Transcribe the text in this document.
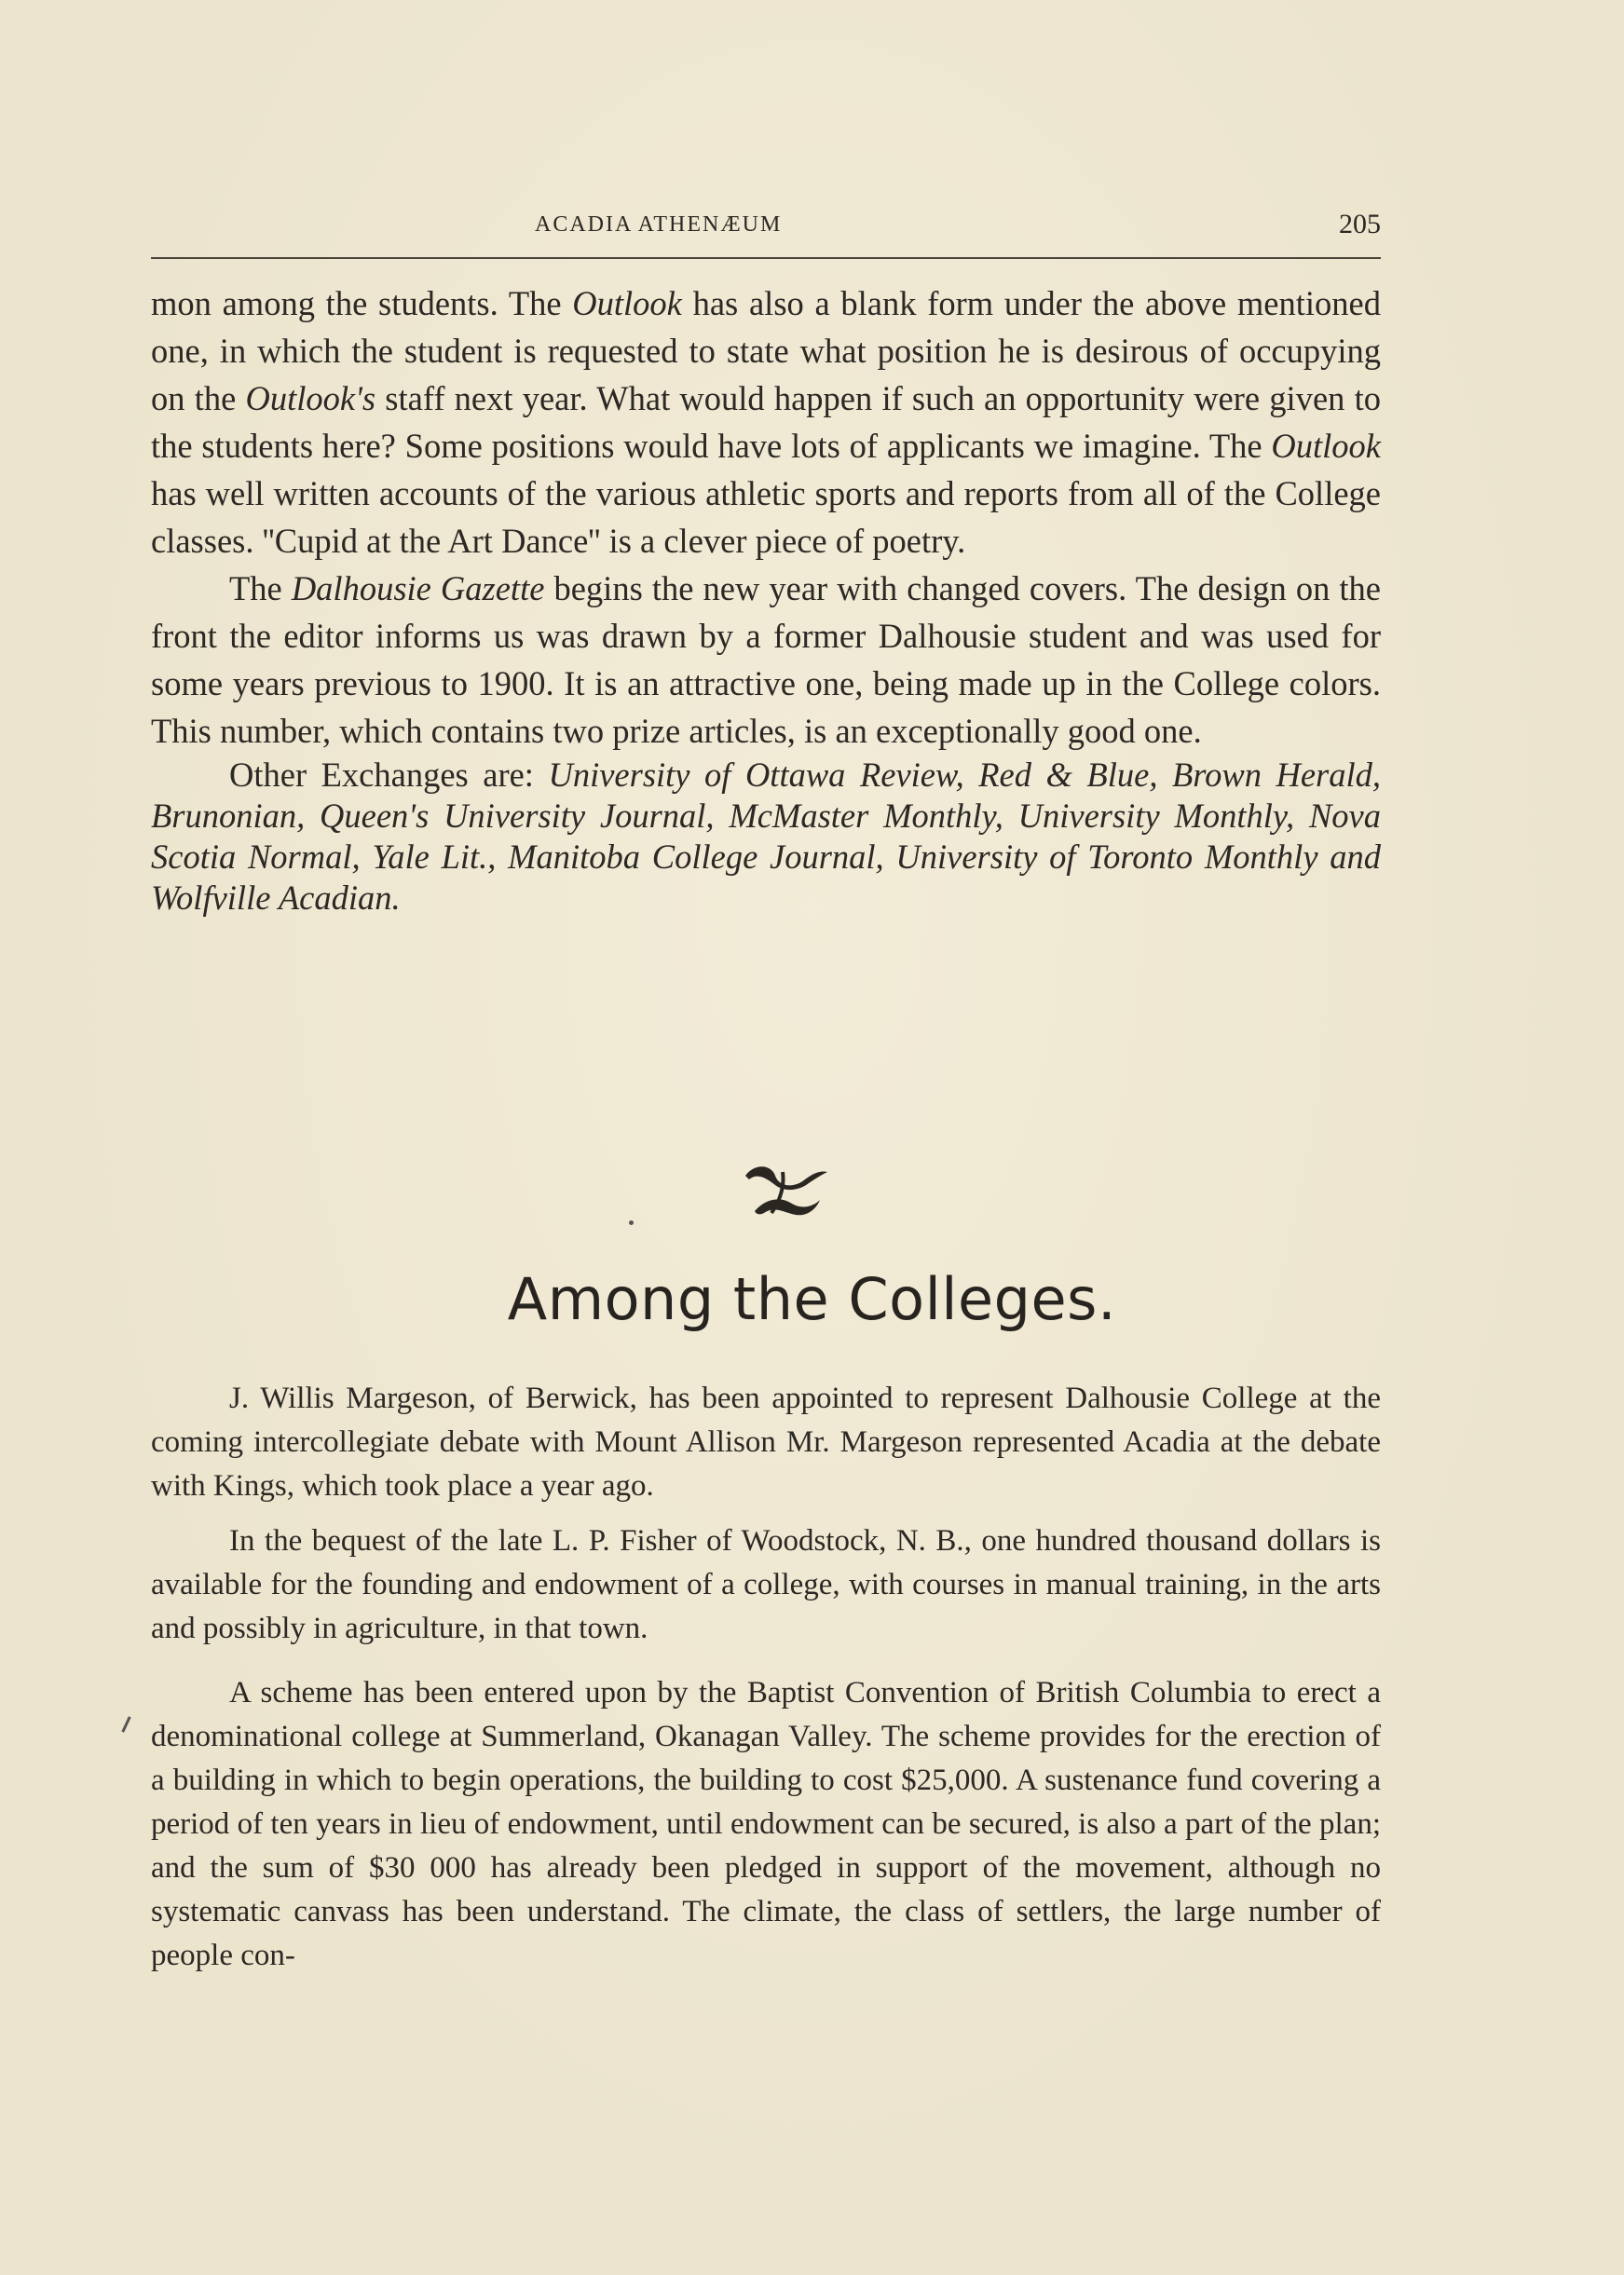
ACADIA ATHENÆUM	205

mon among the students. The Outlook has also a blank form under the above mentioned one, in which the student is requested to state what position he is desirous of occupying on the Outlook's staff next year. What would happen if such an opportunity were given to the students here? Some positions would have lots of applicants we imagine. The Outlook has well written accounts of the various athletic sports and reports from all of the College classes. ''Cupid at the Art Dance'' is a clever piece of poetry.

The Dalhousie Gazette begins the new year with changed covers. The design on the front the editor informs us was drawn by a former Dalhousie student and was used for some years previous to 1900. It is an attractive one, being made up in the College colors. This number, which contains two prize articles, is an exceptionally good one.

Other Exchanges are: University of Ottawa Review, Red & Blue, Brown Herald, Brunonian, Queen's University Journal, McMaster Monthly, University Monthly, Nova Scotia Normal, Yale Lit., Manitoba College Journal, University of Toronto Monthly and Wolfville Acadian.

Among the Colleges.

J. Willis Margeson, of Berwick, has been appointed to represent Dalhousie College at the coming intercollegiate debate with Mount Allison Mr. Margeson represented Acadia at the debate with Kings, which took place a year ago.

In the bequest of the late L. P. Fisher of Woodstock, N. B., one hundred thousand dollars is available for the founding and endowment of a college, with courses in manual training, in the arts and possibly in agriculture, in that town.

A scheme has been entered upon by the Baptist Convention of British Columbia to erect a denominational college at Summerland, Okanagan Valley. The scheme provides for the erection of a building in which to begin operations, the building to cost $25,000. A sustenance fund covering a period of ten years in lieu of endowment, until endowment can be secured, is also a part of the plan; and the sum of $30 000 has already been pledged in support of the movement, although no systematic canvass has been understand. The climate, the class of settlers, the large number of people con-
